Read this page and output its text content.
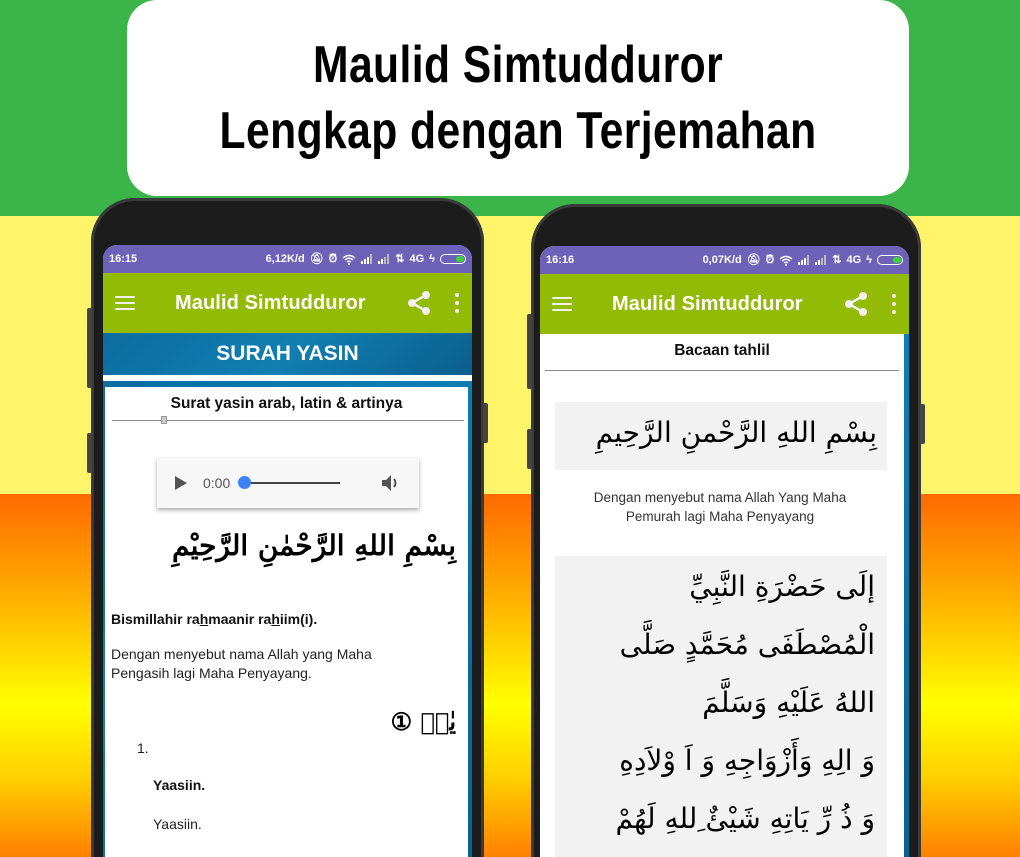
Maulid Simtudduror
Lengkap dengan Terjemahan
16:15	6,12K/d 🔕︎ ⏰︎	⇅ 4G ϟ
Maulid Simtudduror
SURAH YASIN
Surat yasin arab, latin & artinya
0:00
بِسْمِ اللهِ الرَّحْمٰنِ الرَّحِيْمِ
Bismillahir rahmaanir rahiim(i).
Dengan menyebut nama Allah yang Maha Pengasih lagi Maha Penyayang.
يٰسۤ ①
1.
Yaasiin.
Yaasiin.
16:16	0,07K/d 🔕︎ ⏰︎	⇅ 4G ϟ
Maulid Simtudduror
Bacaan tahlil
بِسْمِ اللهِ الرَّحْمنِ الرَّحِيمِ
Dengan menyebut nama Allah Yang Maha Pemurah lagi Maha Penyayang
إلَى حَضْرَةِ النَّبِيِّ
الْمُصْطَفَى مُحَمَّدٍ صَلَّى
اللهُ عَلَيْهِ وَسَلَّمَ
وَ الِهِ وَأَزْوَاجِهِ وَ اَ وْلاَدِهِ
وَ ذُ رِّ يَاتِهِ شَيْئٌ ِللهِ لَهُمْ
